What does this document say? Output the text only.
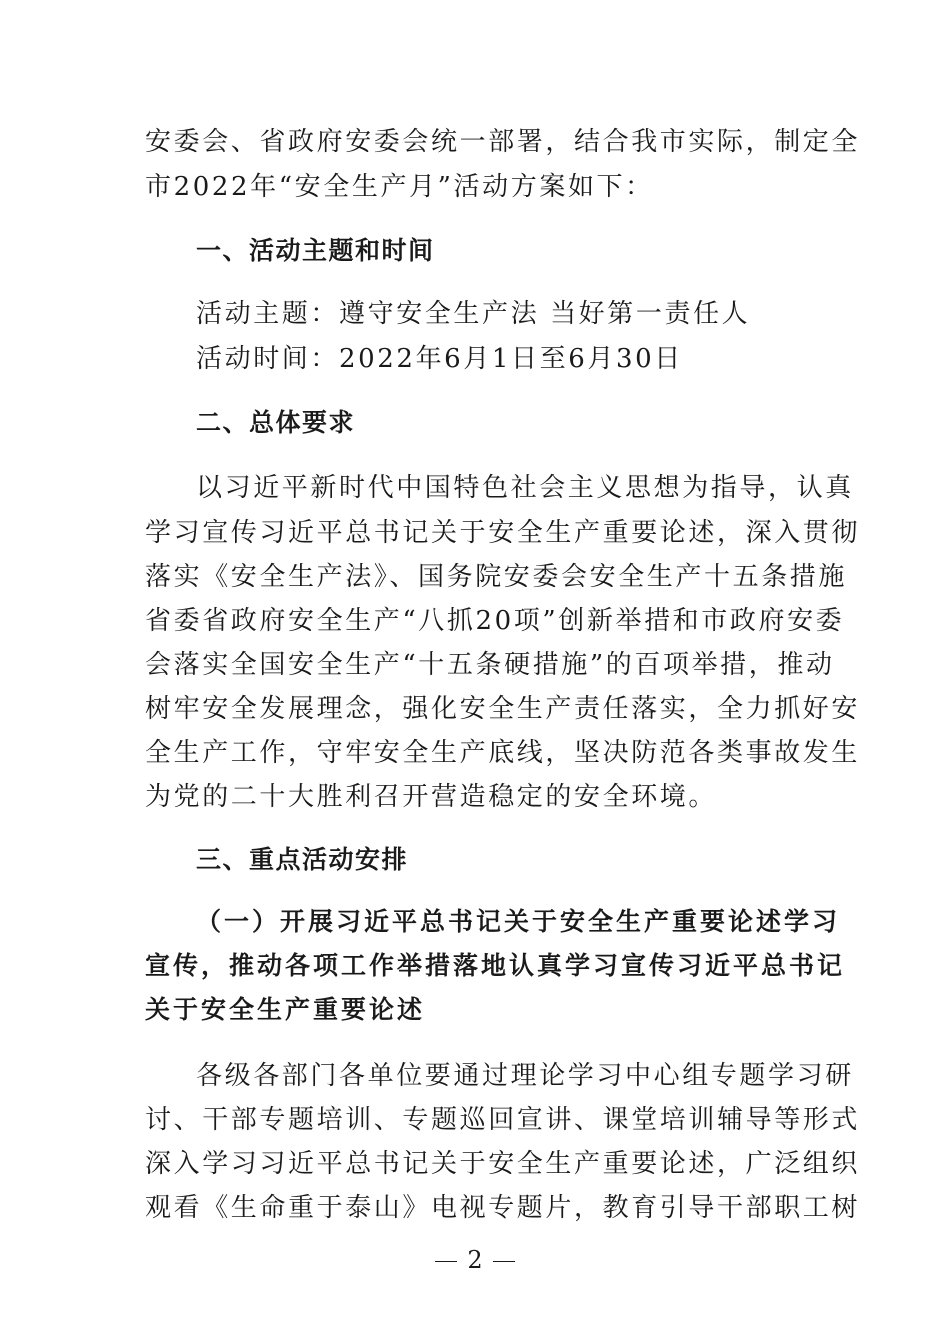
安委会、省政府安委会统一部署，结合我市实际，制定全
市2022年“安全生产月”活动方案如下：
一、活动主题和时间
活动主题：遵守安全生产法 当好第一责任人
活动时间：2022年6月1日至6月30日
二、总体要求
以习近平新时代中国特色社会主义思想为指导，认真
学习宣传习近平总书记关于安全生产重要论述，深入贯彻
落实《安全生产法》、国务院安委会安全生产十五条措施
省委省政府安全生产“八抓20项”创新举措和市政府安委
会落实全国安全生产“十五条硬措施”的百项举措，推动
树牢安全发展理念，强化安全生产责任落实，全力抓好安
全生产工作，守牢安全生产底线，坚决防范各类事故发生
为党的二十大胜利召开营造稳定的安全环境。
三、重点活动安排
（一）开展习近平总书记关于安全生产重要论述学习
宣传，推动各项工作举措落地认真学习宣传习近平总书记
关于安全生产重要论述
各级各部门各单位要通过理论学习中心组专题学习研
讨、干部专题培训、专题巡回宣讲、课堂培训辅导等形式
深入学习习近平总书记关于安全生产重要论述，广泛组织
观看《生命重于泰山》电视专题片，教育引导干部职工树
2
